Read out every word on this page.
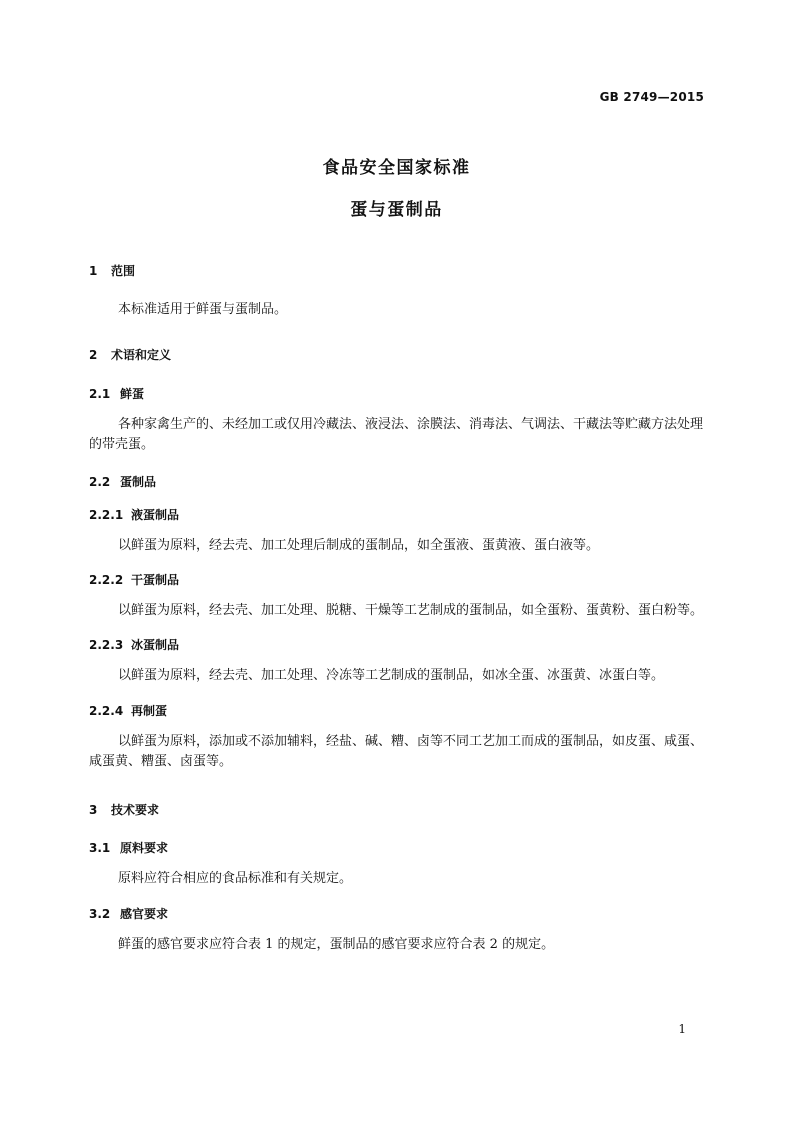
GB 2749—2015
食品安全国家标准
蛋与蛋制品
1 范围
本标准适用于鲜蛋与蛋制品。
2 术语和定义
2.1 鲜蛋
各种家禽生产的、未经加工或仅用冷藏法、液浸法、涂膜法、消毒法、气调法、干藏法等贮藏方法处理的带壳蛋。
2.2 蛋制品
2.2.1 液蛋制品
以鲜蛋为原料，经去壳、加工处理后制成的蛋制品，如全蛋液、蛋黄液、蛋白液等。
2.2.2 干蛋制品
以鲜蛋为原料，经去壳、加工处理、脱糖、干燥等工艺制成的蛋制品，如全蛋粉、蛋黄粉、蛋白粉等。
2.2.3 冰蛋制品
以鲜蛋为原料，经去壳、加工处理、冷冻等工艺制成的蛋制品，如冰全蛋、冰蛋黄、冰蛋白等。
2.2.4 再制蛋
以鲜蛋为原料，添加或不添加辅料，经盐、碱、糟、卤等不同工艺加工而成的蛋制品，如皮蛋、咸蛋、咸蛋黄、糟蛋、卤蛋等。
3 技术要求
3.1 原料要求
原料应符合相应的食品标准和有关规定。
3.2 感官要求
鲜蛋的感官要求应符合表 1 的规定，蛋制品的感官要求应符合表 2 的规定。
1
